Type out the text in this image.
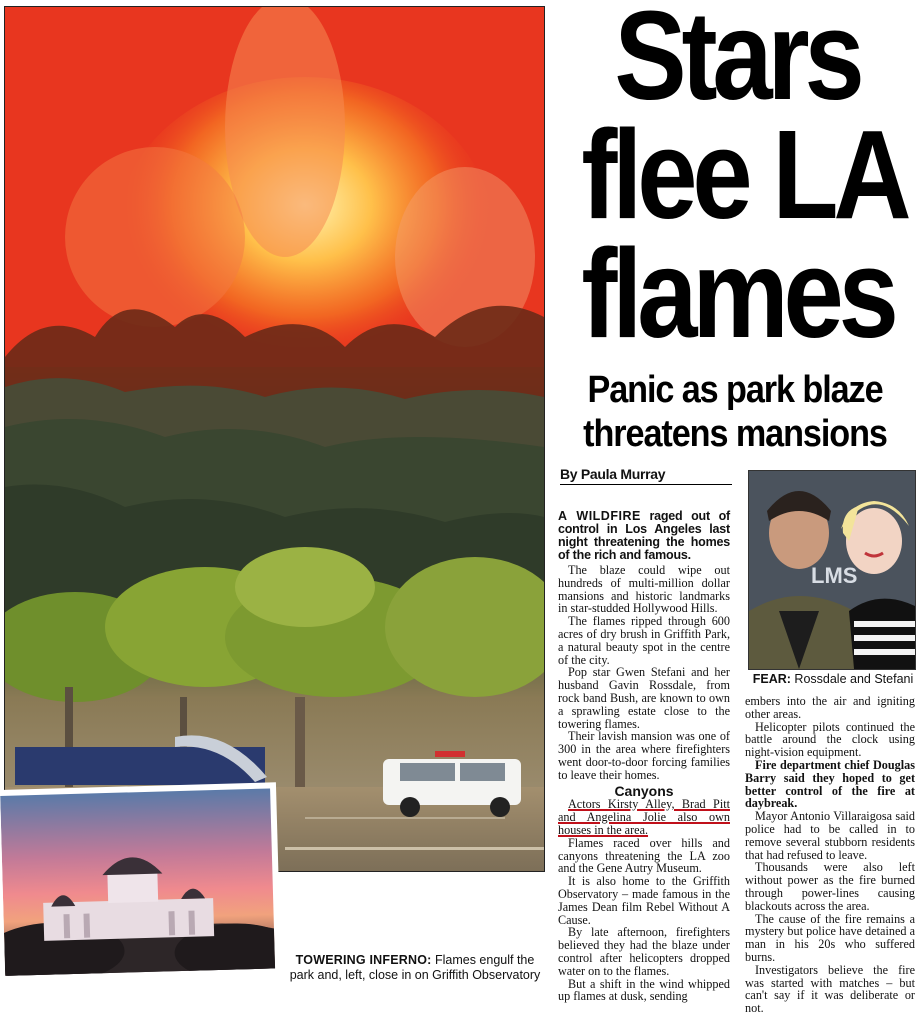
TOWERING INFERNO: Flames engulf the park and, left, close in on Griffith Observatory
Stars
flee LA
flames
Panic as park blaze
threatens mansions
By Paula Murray
LMS
FEAR: Rossdale and Stefani

A WILDFIRE raged out of control in Los Angeles last night threatening the homes of the rich and famous.

The blaze could wipe out hundreds of multi-million dollar mansions and historic landmarks in star-studded Hollywood Hills.

The flames ripped through 600 acres of dry brush in Griffith Park, a natural beauty spot in the centre of the city.

Pop star Gwen Stefani and her husband Gavin Rossdale, from rock band Bush, are known to own a sprawling estate close to the towering flames.

Their lavish mansion was one of 300 in the area where firefighters went door-to-door forcing families to leave their homes.

Canyons

Actors Kirsty Alley, Brad Pitt and Angelina Jolie also own houses in the area.

Flames raced over hills and canyons threatening the LA zoo and the Gene Autry Museum.

It is also home to the Griffith Observatory – made famous in the James Dean film Rebel Without A Cause.

By late afternoon, firefighters believed they had the blaze under control after helicopters dropped water on to the flames.

But a shift in the wind whipped up flames at dusk, sending

embers into the air and igniting other areas.

Helicopter pilots continued the battle around the clock using night-vision equipment.

Fire department chief Douglas Barry said they hoped to get better control of the fire at daybreak.

Mayor Antonio Villaraigosa said police had to be called in to remove several stubborn residents that had refused to leave.

Thousands were also left without power as the fire burned through power-lines causing blackouts across the area.

The cause of the fire remains a mystery but police have detained a man in his 20s who suffered burns.

Investigators believe the fire was started with matches – but can't say if it was deliberate or not.
